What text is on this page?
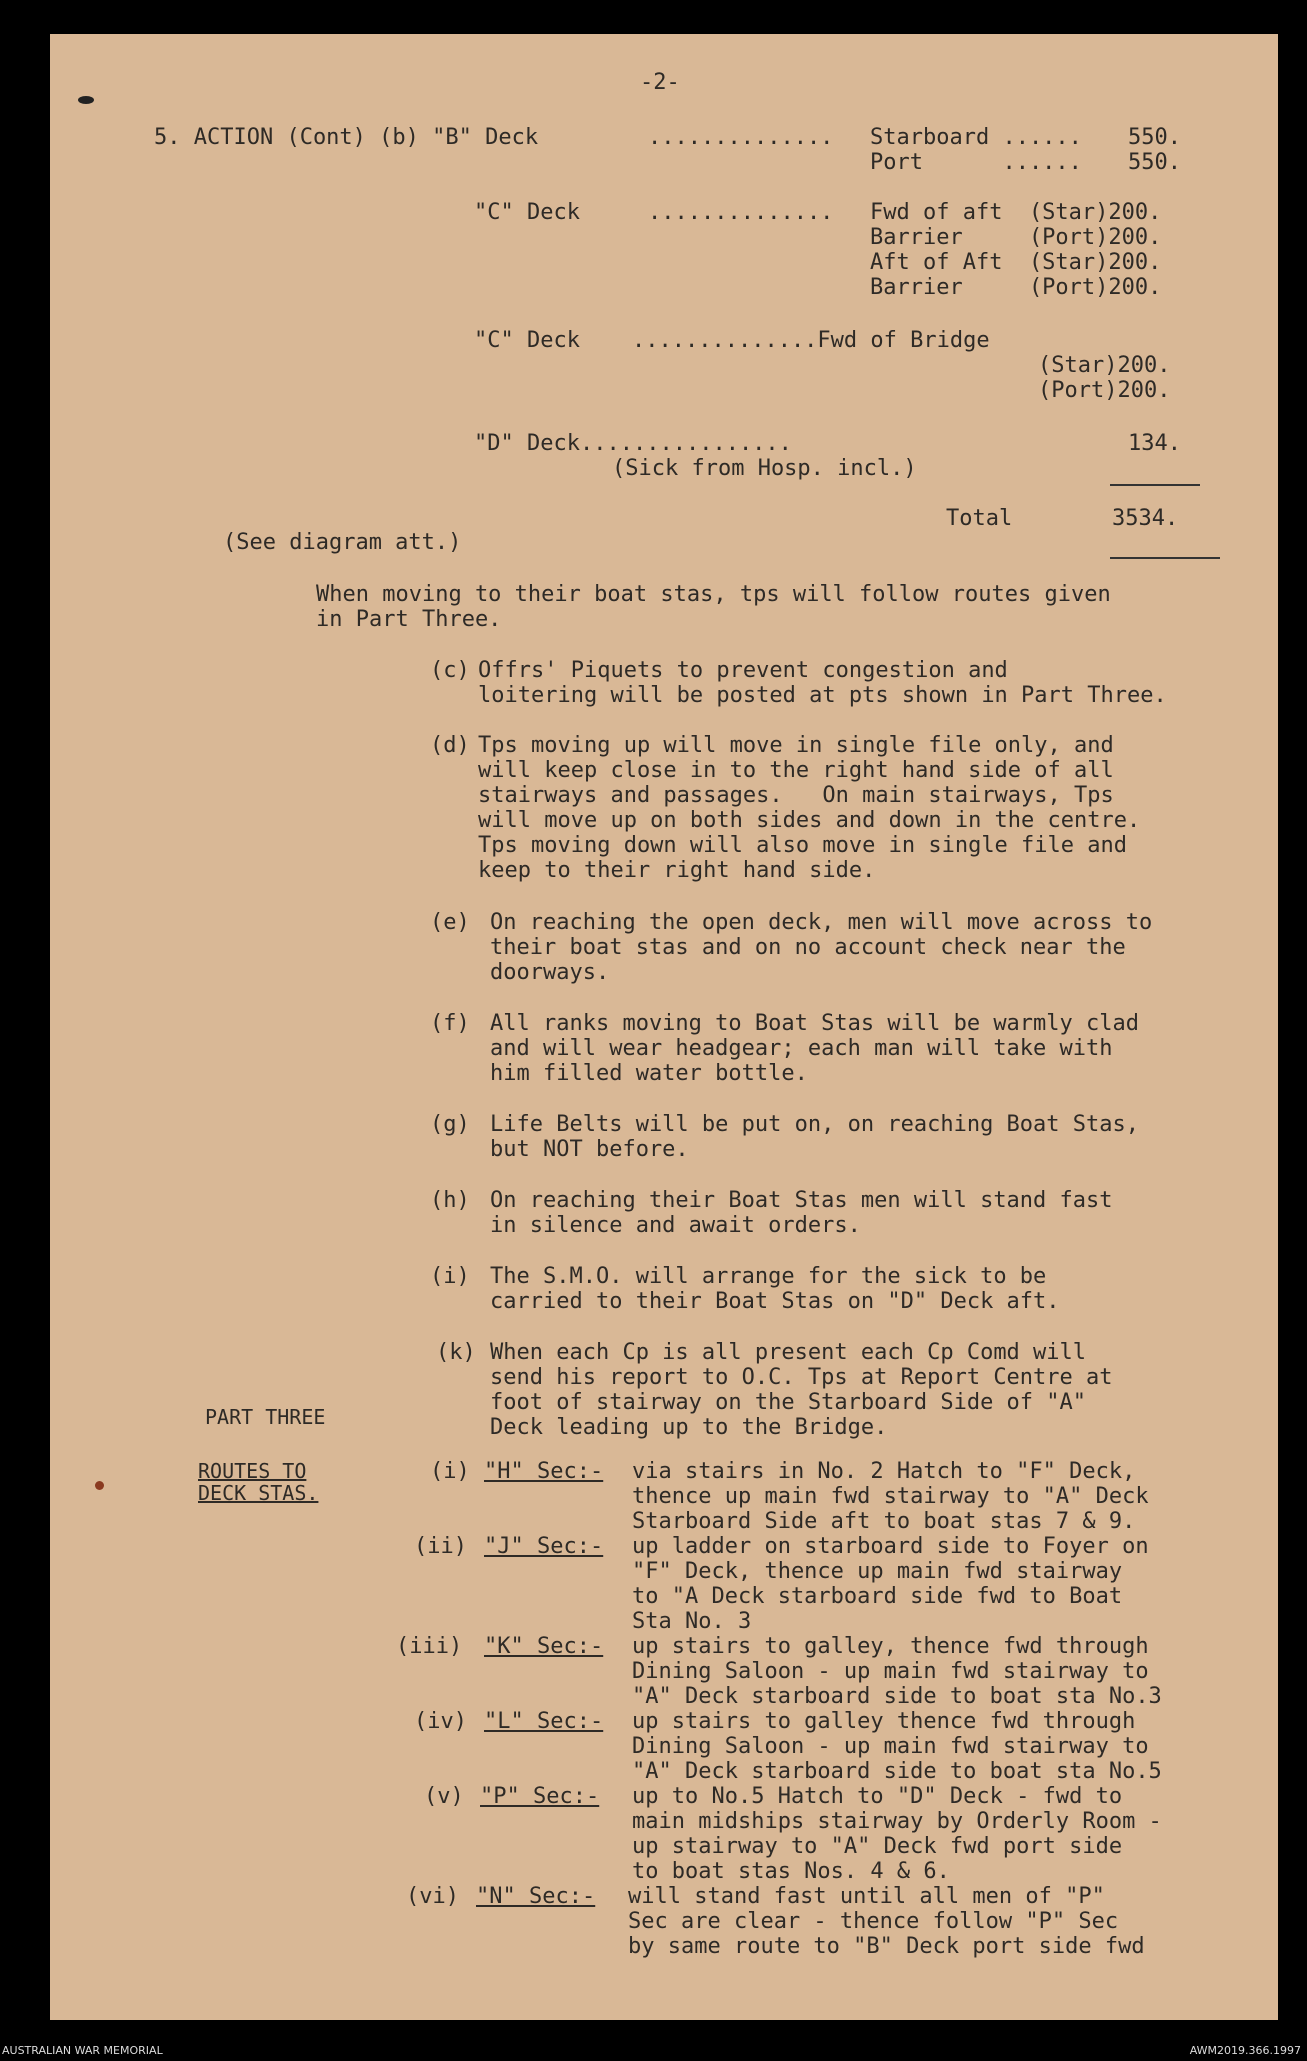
-2-
5. ACTION (Cont) (b) "B" Deck	.............. Starboard ...... 550.
Port      ...... 550.
"C" Deck	.............. Fwd of aft  (Star)200.
Barrier     (Port)200.
Aft of Aft  (Star)200.
Barrier     (Port)200.
"C" Deck ..............Fwd of Bridge
(Star)200.
(Port)200.
"D" Deck ................	134.
(Sick from Hosp. incl.)
Total	3534.
(See diagram att.)
When moving to their boat stas, tps will follow routes given
in Part Three.
(c) Offrs' Piquets to prevent congestion and
loitering will be posted at pts shown in Part Three.
(d) Tps moving up will move in single file only, and
will keep close in to the right hand side of all
stairways and passages.   On main stairways, Tps
will move up on both sides and down in the centre.
Tps moving down will also move in single file and
keep to their right hand side.
(e) On reaching the open deck, men will move across to
their boat stas and on no account check near the
doorways.
(f) All ranks moving to Boat Stas will be warmly clad
and will wear headgear; each man will take with
him filled water bottle.
(g) Life Belts will be put on, on reaching Boat Stas,
but NOT before.
(h) On reaching their Boat Stas men will stand fast
in silence and await orders.
(i) The S.M.O. will arrange for the sick to be
carried to their Boat Stas on "D" Deck aft.
(k) When each Cp is all present each Cp Comd will
send his report to O.C. Tps at Report Centre at
foot of stairway on the Starboard Side of "A"
Deck leading up to the Bridge.
PART THREE
ROUTES TO
DECK STAS.
(i) "H" Sec:- via stairs in No. 2 Hatch to "F" Deck,
thence up main fwd stairway to "A" Deck
Starboard Side aft to boat stas 7 & 9.
(ii) "J" Sec:- up ladder on starboard side to Foyer on
"F" Deck, thence up main fwd stairway
to "A Deck starboard side fwd to Boat
Sta No. 3
(iii) "K" Sec:- up stairs to galley, thence fwd through
Dining Saloon - up main fwd stairway to
"A" Deck starboard side to boat sta No.3
(iv) "L" Sec:- up stairs to galley thence fwd through
Dining Saloon - up main fwd stairway to
"A" Deck starboard side to boat sta No.5
(v) "P" Sec:- up to No.5 Hatch to "D" Deck - fwd to
main midships stairway by Orderly Room -
up stairway to "A" Deck fwd port side
to boat stas Nos. 4 & 6.
(vi) "N" Sec:- will stand fast until all men of "P"
Sec are clear - thence follow "P" Sec
by same route to "B" Deck port side fwd
AUSTRALIAN WAR MEMORIAL	AWM2019.366.1997
